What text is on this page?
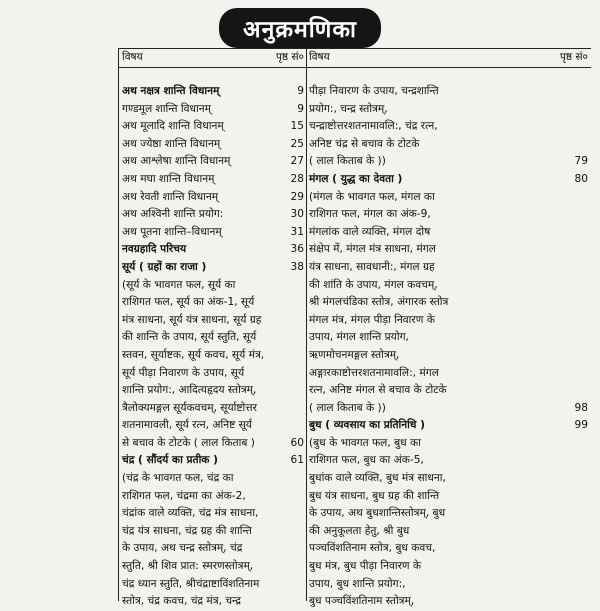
अनुक्रमणिका
विषय	पृष्ठ सं०
अथ नक्षत्र शान्ति विधानम्	9
गण्डमूल शान्ति विधानम्	9
अथ मूलादि शान्ति विधानम्	15
अथ ज्येष्ठा शान्ति विधानम्	25
अथ आश्लेषा शान्ति विधानम्	27
अथ मघा शान्ति विधानम्	28
अथ रेवती शान्ति विधानम्	29
अथ अश्विनी शान्ति प्रयोग:	30
अथ पूतना शान्ति–विधानम्	31
नवग्रहादि परिचय	36
सूर्य ( ग्रहों का राजा )	38
(सूर्य के भावगत फल, सूर्य का
राशिगत फल, सूर्य का अंक-1, सूर्य
मंत्र साधना, सूर्य यंत्र साधना, सूर्य ग्रह
की शान्ति के उपाय, सूर्य स्तुति, सूर्य
स्तवन, सूर्याष्टक, सूर्य कवच, सूर्य मंत्र,
सूर्य पीड़ा निवारण के उपाय, सूर्य
शान्ति प्रयोग:, आदित्यहृदय स्तोत्रम्,
त्रैलोक्यमङ्गल सूर्यकवचम्, सूर्याष्टोत्तर
शतनामावली, सूर्य रत्न, अनिष्ट सूर्य
से बचाव के टोटके ( लाल किताब )	60
चंद्र ( सौंदर्य का प्रतीक )	61
(चंद्र के भावगत फल, चंद्र का
राशिगत फल, चंद्रमा का अंक-2,
चंद्रांक वाले व्यक्ति, चंद्र मंत्र साधना,
चंद्र यंत्र साधना, चंद्र ग्रह की शान्ति
के उपाय, अथ चन्द्र स्तोत्रम्, चंद्र
स्तुति, श्री शिव प्रात: स्मरणस्तोत्रम्,
चंद्र ध्यान स्तुति, श्रीचंद्राष्टाविंशतिनाम
स्तोत्र, चंद्र कवच, चंद्र मंत्र, चन्द्र
विषय	पृष्ठ सं०
पीड़ा निवारण के उपाय, चन्द्रशान्ति
प्रयोग:, चन्द्र स्तोत्रम्,
चन्द्राष्टोत्तरशतनामावलि:, चंद्र रत्न,
अनिष्ट चंद्र से बचाव के टोटके
( लाल किताब के ))	79
मंगल ( युद्ध का देवता )	80
(मंगल के भावगत फल, मंगल का
राशिगत फल, मंगल का अंक-9,
मंगलांक वाले व्यक्ति, मंगल दोष
संक्षेप में, मंगल मंत्र साधना, मंगल
यंत्र साधना, सावधानी:, मंगल ग्रह
की शांति के उपाय, मंगल कवचम्,
श्री मंगलचंडिका स्तोत्र, अंगारक स्तोत्र
मंगल मंत्र, मंगल पीड़ा निवारण के
उपाय, मंगल शान्ति प्रयोग,
ऋणमोचनमङ्गल स्तोत्रम्,
अङ्गारकाष्टोत्तरशतनामावलि:, मंगल
रत्न, अनिष्ट मंगल से बचाव के टोटके
( लाल किताब के ))	98
बुध ( व्यवसाय का प्रतिनिधि )	99
(बुध के भावगत फल, बुध का
राशिगत फल, बुध का अंक-5,
बुधांक वाले व्यक्ति, बुध मंत्र साधना,
बुध यंत्र साधना, बुध ग्रह की शान्ति
के उपाय, अथ बुधशान्तिस्तोत्रम्, बुध
की अनुकूलता हेतु, श्री बुध
पञ्चविंशतिनाम स्तोत्र, बुध कवच,
बुध मंत्र, बुध पीड़ा निवारण के
उपाय, बुध शान्ति प्रयोग:,
बुध पञ्चविंशतिनाम स्तोत्रम्,
